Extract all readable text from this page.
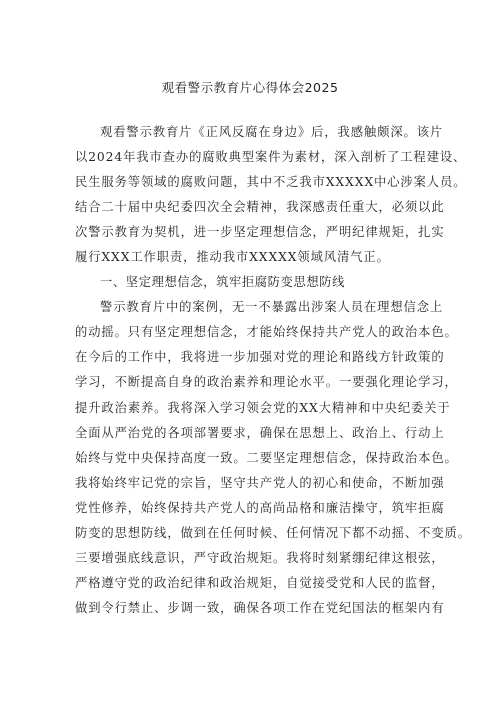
观看警示教育片心得体会2025
观看警示教育片《正风反腐在身边》后，我感触颇深。该片
以2024年我市查办的腐败典型案件为素材，深入剖析了工程建设、
民生服务等领域的腐败问题，其中不乏我市XXXXX中心涉案人员。
结合二十届中央纪委四次全会精神，我深感责任重大，必须以此
次警示教育为契机，进一步坚定理想信念，严明纪律规矩，扎实
履行XXX工作职责，推动我市XXXXX领域风清气正。
一、坚定理想信念，筑牢拒腐防变思想防线
警示教育片中的案例，无一不暴露出涉案人员在理想信念上
的动摇。只有坚定理想信念，才能始终保持共产党人的政治本色。
在今后的工作中，我将进一步加强对党的理论和路线方针政策的
学习，不断提高自身的政治素养和理论水平。一要强化理论学习，
提升政治素养。我将深入学习领会党的XX大精神和中央纪委关于
全面从严治党的各项部署要求，确保在思想上、政治上、行动上
始终与党中央保持高度一致。二要坚定理想信念，保持政治本色。
我将始终牢记党的宗旨，坚守共产党人的初心和使命，不断加强
党性修养，始终保持共产党人的高尚品格和廉洁操守，筑牢拒腐
防变的思想防线，做到在任何时候、任何情况下都不动摇、不变质。
三要增强底线意识，严守政治规矩。我将时刻紧绷纪律这根弦，
严格遵守党的政治纪律和政治规矩，自觉接受党和人民的监督，
做到令行禁止、步调一致，确保各项工作在党纪国法的框架内有
